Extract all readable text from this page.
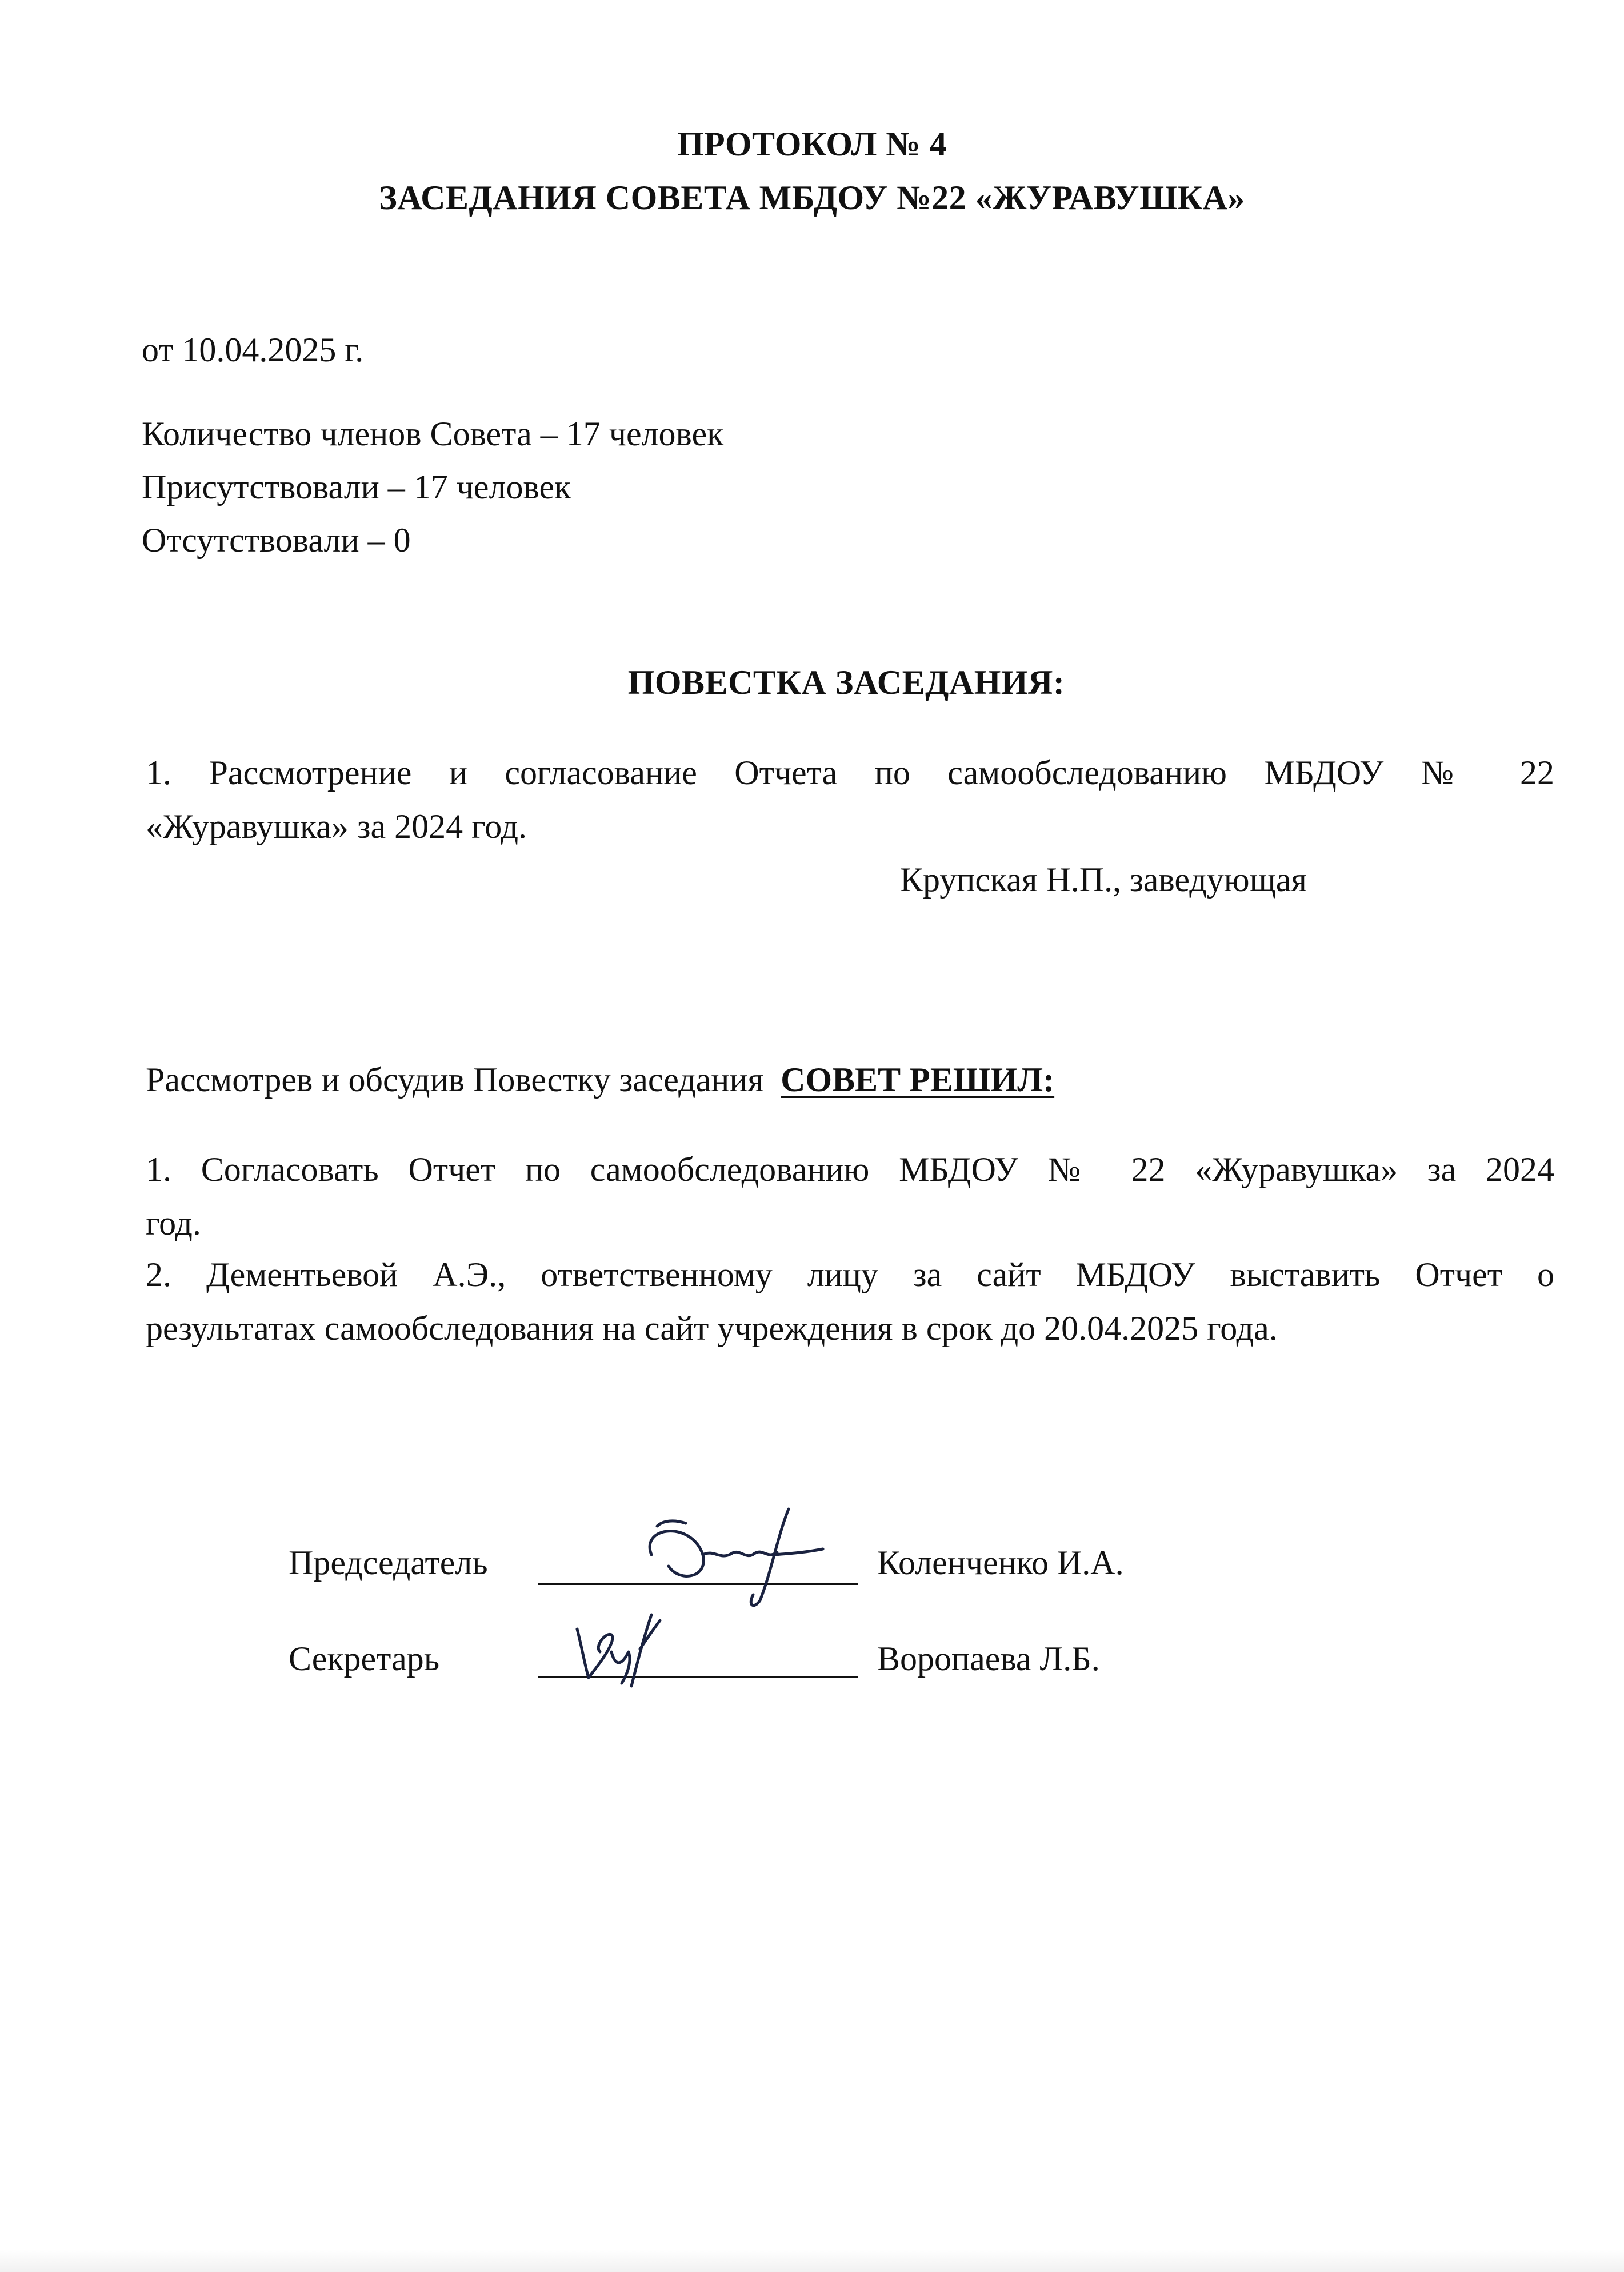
ПРОТОКОЛ № 4
ЗАСЕДАНИЯ СОВЕТА МБДОУ №22 «ЖУРАВУШКА»
от 10.04.2025 г.
Количество членов Совета – 17 человек
Присутствовали – 17 человек
Отсутствовали – 0
ПОВЕСТКА ЗАСЕДАНИЯ:
1. Рассмотрение и согласование Отчета по самообследованию МБДОУ № 22
«Журавушка» за 2024 год.
Крупская Н.П., заведующая
Рассмотрев и обсудив Повестку заседания СОВЕТ РЕШИЛ:
1. Согласовать Отчет по самообследованию МБДОУ № 22 «Журавушка» за 2024
год.
2. Дементьевой А.Э., ответственному лицу за сайт МБДОУ выставить Отчет о
результатах самообследования на сайт учреждения в срок до 20.04.2025 года.
Председатель	Коленченко И.А.
Секретарь	Воропаева Л.Б.
